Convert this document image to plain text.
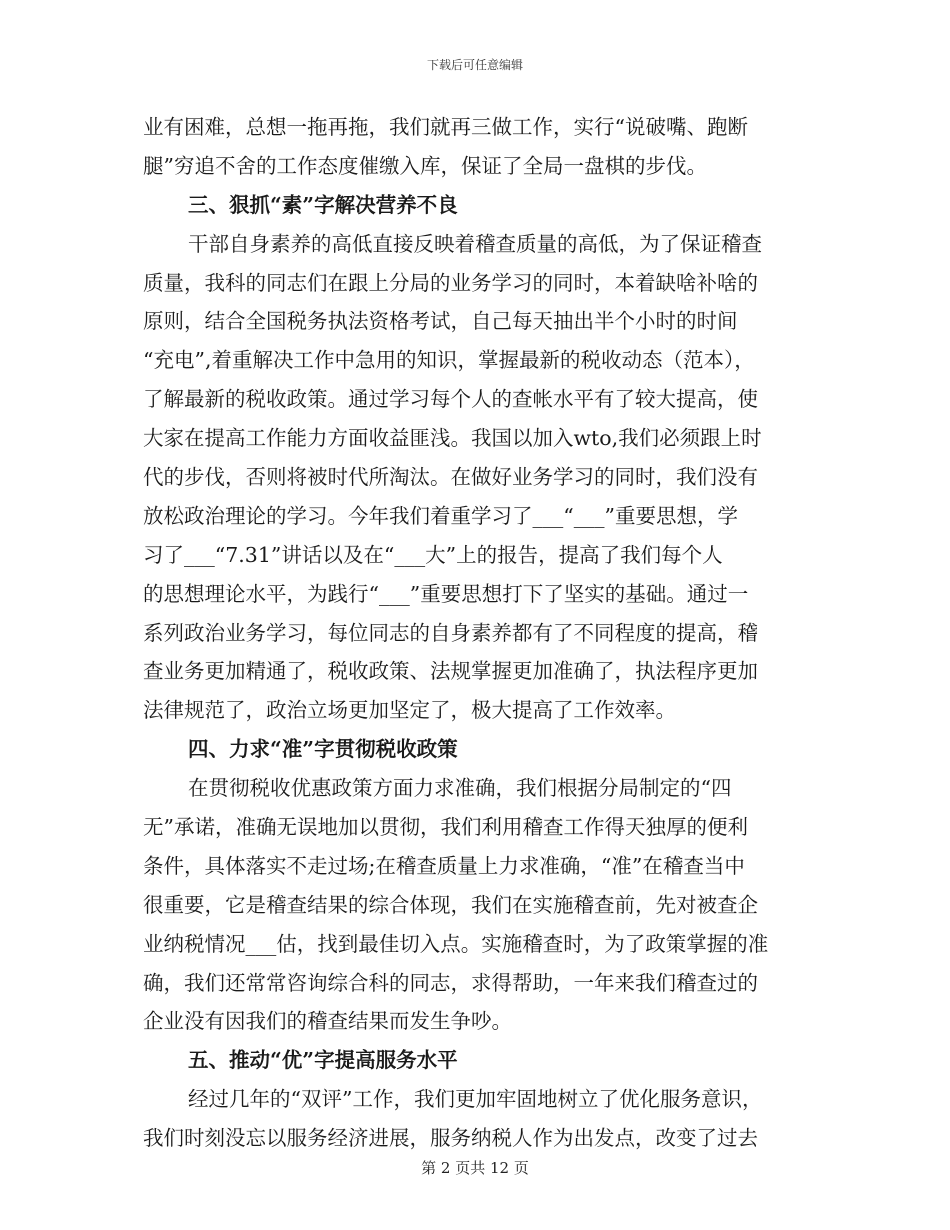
下载后可任意编辑
业有困难，总想一拖再拖，我们就再三做工作，实行“说破嘴、跑断
腿”穷追不舍的工作态度催缴入库，保证了全局一盘棋的步伐。
三、狠抓“素”字解决营养不良
干部自身素养的高低直接反映着稽查质量的高低，为了保证稽查
质量，我科的同志们在跟上分局的业务学习的同时，本着缺啥补啥的
原则，结合全国税务执法资格考试，自己每天抽出半个小时的时间
“充电”,着重解决工作中急用的知识，掌握最新的税收动态（范本），
了解最新的税收政策。通过学习每个人的查帐水平有了较大提高，使
大家在提高工作能力方面收益匪浅。我国以加入wto,我们必须跟上时
代的步伐，否则将被时代所淘汰。在做好业务学习的同时，我们没有
放松政治理论的学习。今年我们着重学习了___“___”重要思想，学
习了___“7.31”讲话以及在“___大”上的报告，提高了我们每个人
的思想理论水平，为践行“___”重要思想打下了坚实的基础。通过一
系列政治业务学习，每位同志的自身素养都有了不同程度的提高，稽
查业务更加精通了，税收政策、法规掌握更加准确了，执法程序更加
法律规范了，政治立场更加坚定了，极大提高了工作效率。
四、力求“准”字贯彻税收政策
在贯彻税收优惠政策方面力求准确，我们根据分局制定的“四
无”承诺，准确无误地加以贯彻，我们利用稽查工作得天独厚的便利
条件，具体落实不走过场;在稽查质量上力求准确，“准”在稽查当中
很重要，它是稽查结果的综合体现，我们在实施稽查前，先对被查企
业纳税情况___估，找到最佳切入点。实施稽查时，为了政策掌握的准
确，我们还常常咨询综合科的同志，求得帮助，一年来我们稽查过的
企业没有因我们的稽查结果而发生争吵。
五、推动“优”字提高服务水平
经过几年的“双评”工作，我们更加牢固地树立了优化服务意识，
我们时刻没忘以服务经济进展，服务纳税人作为出发点，改变了过去
第 2 页共 12 页
